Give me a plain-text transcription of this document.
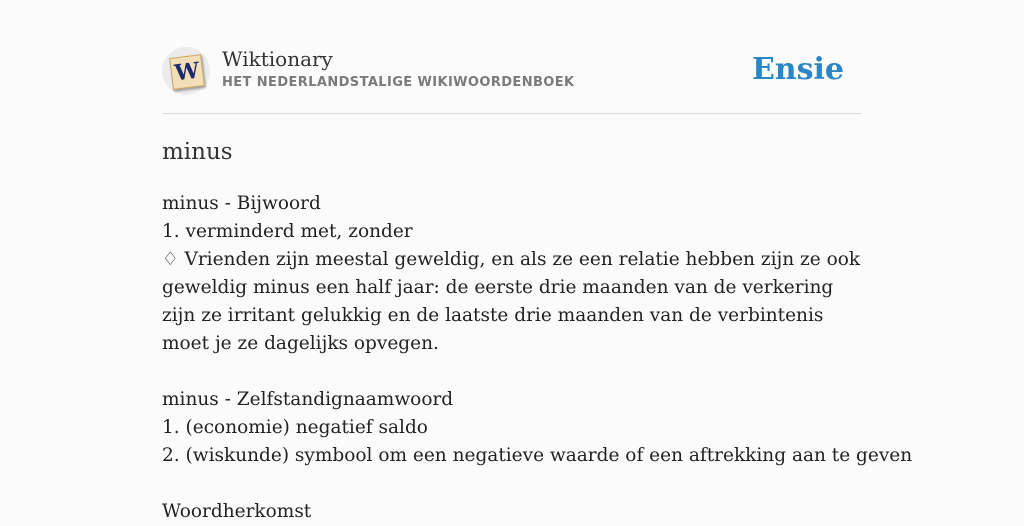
W Wiktionary
HET NEDERLANDSTALIGE WIKIWOORDENBOEK	Ensie
minus
minus - Bijwoord
1. verminderd met, zonder
♢ Vrienden zijn meestal geweldig, en als ze een relatie hebben zijn ze ook geweldig minus een half jaar: de eerste drie maanden van de verkering zijn ze irritant gelukkig en de laatste drie maanden van de verbintenis moet je ze dagelijks opvegen.
minus - Zelfstandignaamwoord
1. (economie) negatief saldo
2. (wiskunde) symbool om een negatieve waarde of een aftrekking aan te geven
Woordherkomst
